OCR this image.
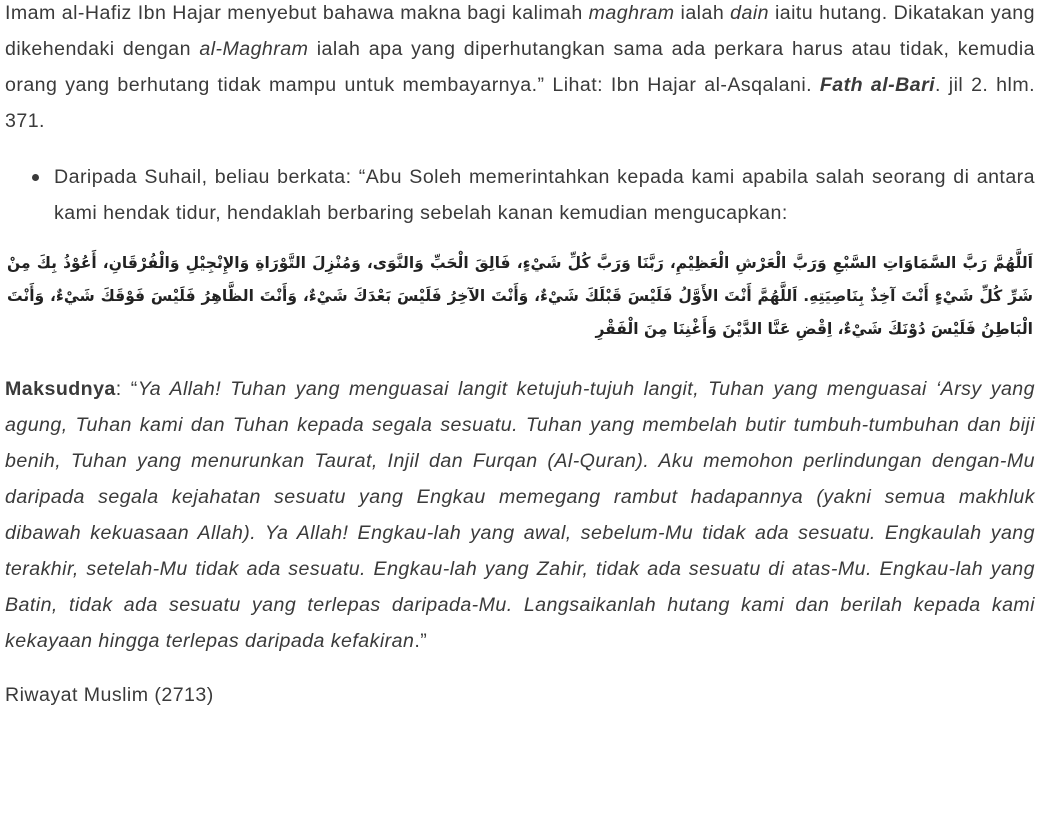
Imam al-Hafiz Ibn Hajar menyebut bahawa makna bagi kalimah maghram ialah dain iaitu hutang. Dikatakan yang dikehendaki dengan al-Maghram ialah apa yang diperhutangkan sama ada perkara harus atau tidak, kemudia orang yang berhutang tidak mampu untuk membayarnya.” Lihat: Ibn Hajar al-Asqalani. Fath al-Bari. jil 2. hlm. 371.

Daripada Suhail, beliau berkata: “Abu Soleh memerintahkan kepada kami apabila salah seorang di antara kami hendak tidur, hendaklah berbaring sebelah kanan kemudian mengucapkan:
اَللَّهُمَّ رَبَّ السَّمَاوَاتِ السَّبْعِ وَرَبَّ الْعَرْشِ الْعَظِيْمِ، رَبَّنَا وَرَبَّ كُلِّ شَيْءٍ، فَالِقَ الْحَبِّ وَالنَّوَى، وَمُنْزِلَ التَّوْرَاةِ وَالإِنْجِيْلِ وَالْفُرْقَانِ، أَعُوْذُ بِكَ مِنْ شَرِّ كُلِّ شَيْءٍ أَنْتَ آخِذٌ بِنَاصِيَتِهِ. اَللَّهُمَّ أَنْتَ الأَوَّلُ فَلَيْسَ قَبْلَكَ شَيْءٌ، وَأَنْتَ الآخِرُ فَلَيْسَ بَعْدَكَ شَيْءٌ، وَأَنْتَ الظَّاهِرُ فَلَيْسَ فَوْقَكَ شَيْءٌ، وَأَنْتَ الْبَاطِنُ فَلَيْسَ دُوْنَكَ شَيْءٌ، اِقْضِ عَنَّا الدَّيْنَ وَأَغْنِنَا مِنَ الْفَقْرِ

Maksudnya: “Ya Allah! Tuhan yang menguasai langit ketujuh-tujuh langit, Tuhan yang menguasai ‘Arsy yang agung, Tuhan kami dan Tuhan kepada segala sesuatu. Tuhan yang membelah butir tumbuh-tumbuhan dan biji benih, Tuhan yang menurunkan Taurat, Injil dan Furqan (Al-Quran). Aku memohon perlindungan dengan-Mu daripada segala kejahatan sesuatu yang Engkau memegang rambut hadapannya (yakni semua makhluk dibawah kekuasaan Allah). Ya Allah! Engkau-lah yang awal, sebelum-Mu tidak ada sesuatu. Engkaulah yang terakhir, setelah-Mu tidak ada sesuatu. Engkau-lah yang Zahir, tidak ada sesuatu di atas-Mu. Engkau-lah yang Batin, tidak ada sesuatu yang terlepas daripada-Mu. Langsaikanlah hutang kami dan berilah kepada kami kekayaan hingga terlepas daripada kefakiran.”

Riwayat Muslim (2713)
